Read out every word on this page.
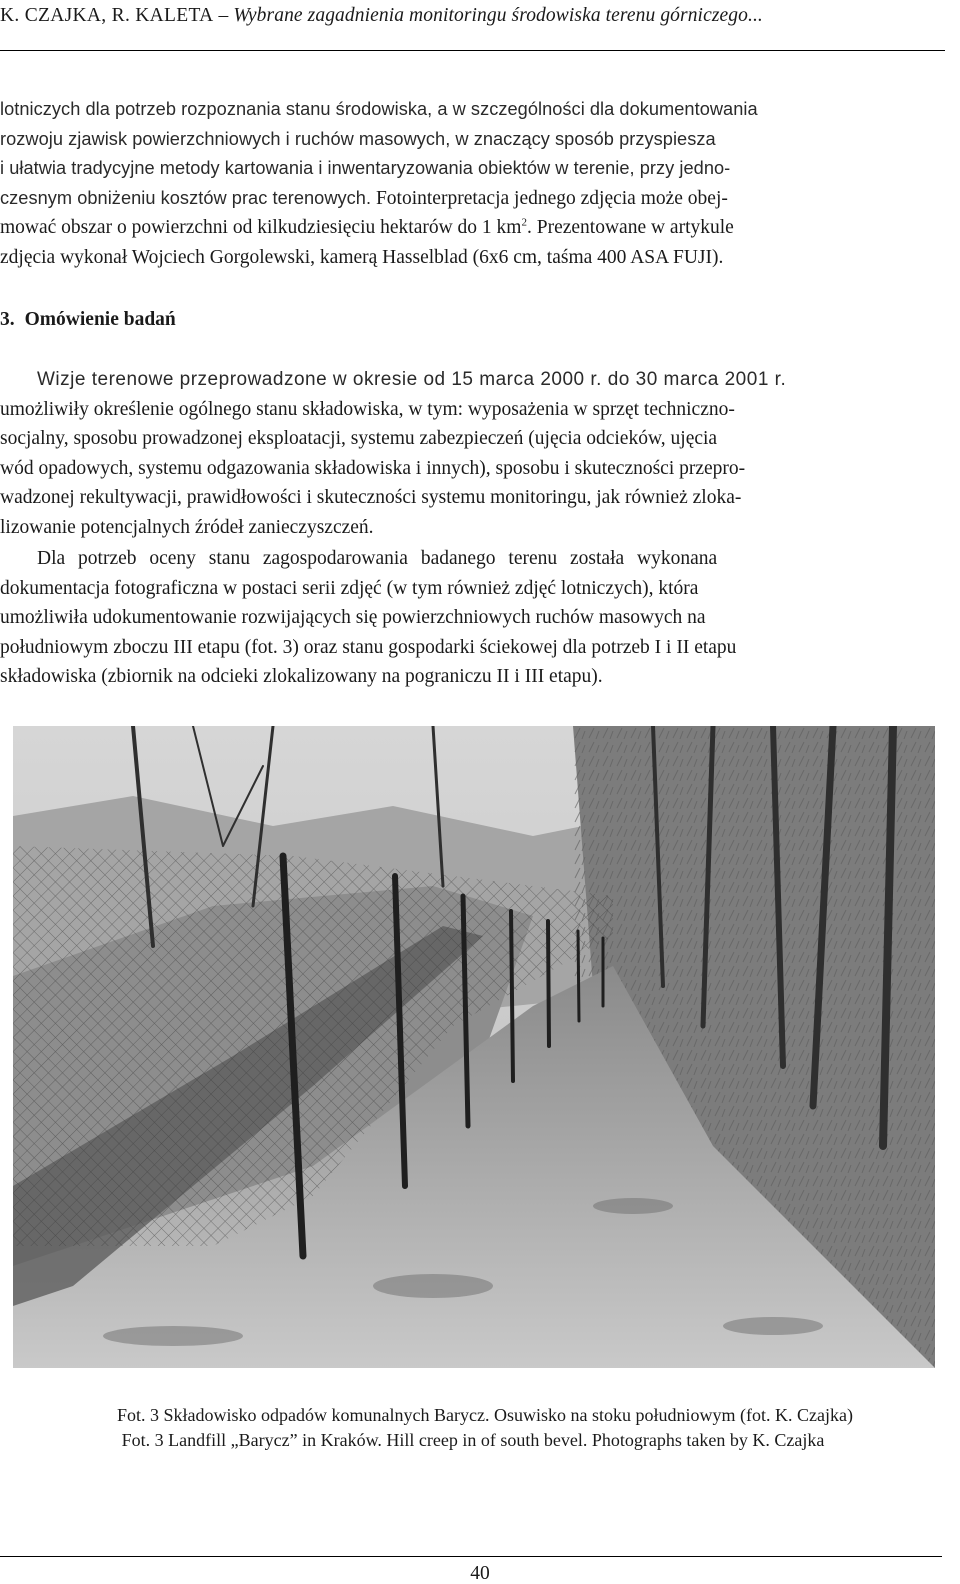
K. CZAJKA, R. KALETA – Wybrane zagadnienia monitoringu środowiska terenu górniczego...

lotniczych dla potrzeb rozpoznania stanu środowiska, a w szczególności dla dokumentowania

rozwoju zjawisk powierzchniowych i ruchów masowych, w znaczący sposób przyspiesza

i ułatwia tradycyjne metody kartowania i inwentaryzowania obiektów w terenie, przy jedno-

czesnym obniżeniu kosztów prac terenowych. Fotointerpretacja jednego zdjęcia może obej-

mować obszar o powierzchni od kilkudziesięciu hektarów do 1 $km^2$. Prezentowane w artykule

zdjęcia wykonał Wojciech Gorgolewski, kamerą Hasselblad (6x6 cm, taśma 400 ASA FUJI).

3. Omówienie badań

Wizje terenowe przeprowadzone w okresie od 15 marca 2000 r. do 30 marca 2001 r.

umożliwiły określenie ogólnego stanu składowiska, w tym: wyposażenia w sprzęt techniczno-

socjalny, sposobu prowadzonej eksploatacji, systemu zabezpieczeń (ujęcia odcieków, ujęcia

wód opadowych, systemu odgazowania składowiska i innych), sposobu i skuteczności przepro-

wadzonej rekultywacji, prawidłowości i skuteczności systemu monitoringu, jak również zloka-

lizowanie potencjalnych źródeł zanieczyszczeń.

Dla potrzeb oceny stanu zagospodarowania badanego terenu została wykonana

dokumentacja fotograficzna w postaci serii zdjęć (w tym również zdjęć lotniczych), która

umożliwiła udokumentowanie rozwijających się powierzchniowych ruchów masowych na

południowym zboczu III etapu (fot. 3) oraz stanu gospodarki ściekowej dla potrzeb I i II etapu

składowiska (zbiornik na odcieki zlokalizowany na pograniczu II i III etapu).

Fot. 3 Składowisko odpadów komunalnych Barycz. Osuwisko na stoku południowym (fot. K. Czajka)
Fot. 3 Landfill „Barycz” in Kraków. Hill creep in of south bevel. Photographs taken by K. Czajka
40
